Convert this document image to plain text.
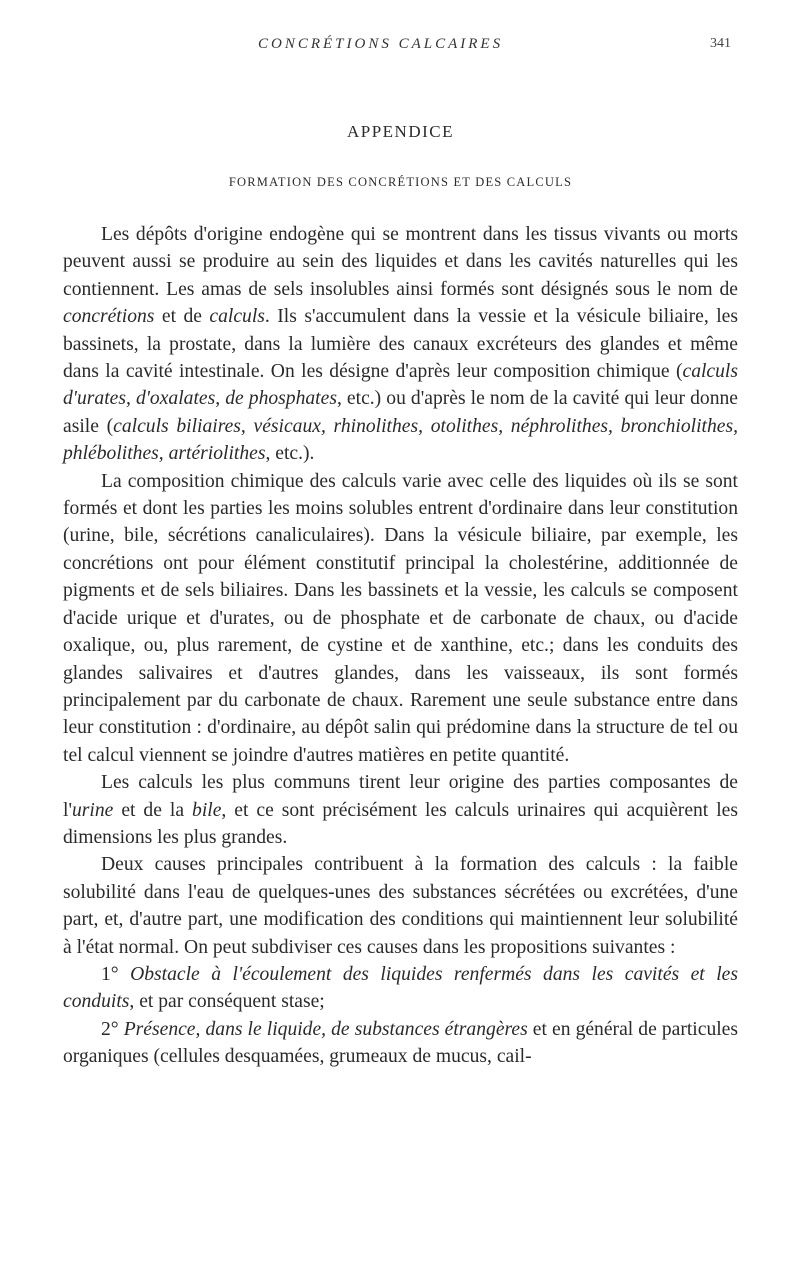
CONCRÉTIONS CALCAIRES	341
APPENDICE
FORMATION DES CONCRÉTIONS ET DES CALCULS

Les dépôts d'origine endogène qui se montrent dans les tissus vivants ou morts peuvent aussi se produire au sein des liquides et dans les cavités naturelles qui les contiennent. Les amas de sels insolubles ainsi formés sont désignés sous le nom de concrétions et de calculs. Ils s'accumulent dans la vessie et la vésicule biliaire, les bassinets, la prostate, dans la lumière des canaux excréteurs des glandes et même dans la cavité intestinale. On les désigne d'après leur composition chimique (calculs d'urates, d'oxalates, de phosphates, etc.) ou d'après le nom de la cavité qui leur donne asile (calculs biliaires, vésicaux, rhinolithes, otolithes, néphrolithes, bronchiolithes, phlébolithes, artériolithes, etc.).

La composition chimique des calculs varie avec celle des liquides où ils se sont formés et dont les parties les moins solubles entrent d'ordinaire dans leur constitution (urine, bile, sécrétions canaliculaires). Dans la vésicule biliaire, par exemple, les concrétions ont pour élément constitutif principal la cholestérine, additionnée de pigments et de sels biliaires. Dans les bassinets et la vessie, les calculs se composent d'acide urique et d'urates, ou de phosphate et de carbonate de chaux, ou d'acide oxalique, ou, plus rarement, de cystine et de xanthine, etc.; dans les conduits des glandes salivaires et d'autres glandes, dans les vaisseaux, ils sont formés principalement par du carbonate de chaux. Rarement une seule substance entre dans leur constitution : d'ordinaire, au dépôt salin qui prédomine dans la structure de tel ou tel calcul viennent se joindre d'autres matières en petite quantité.

Les calculs les plus communs tirent leur origine des parties composantes de l'urine et de la bile, et ce sont précisément les calculs urinaires qui acquièrent les dimensions les plus grandes.

Deux causes principales contribuent à la formation des calculs : la faible solubilité dans l'eau de quelques-unes des substances sécrétées ou excrétées, d'une part, et, d'autre part, une modification des conditions qui maintiennent leur solubilité à l'état normal. On peut subdiviser ces causes dans les propositions suivantes :

1° Obstacle à l'écoulement des liquides renfermés dans les cavités et les conduits, et par conséquent stase;

2° Présence, dans le liquide, de substances étrangères et en général de particules organiques (cellules desquamées, grumeaux de mucus, cail-
